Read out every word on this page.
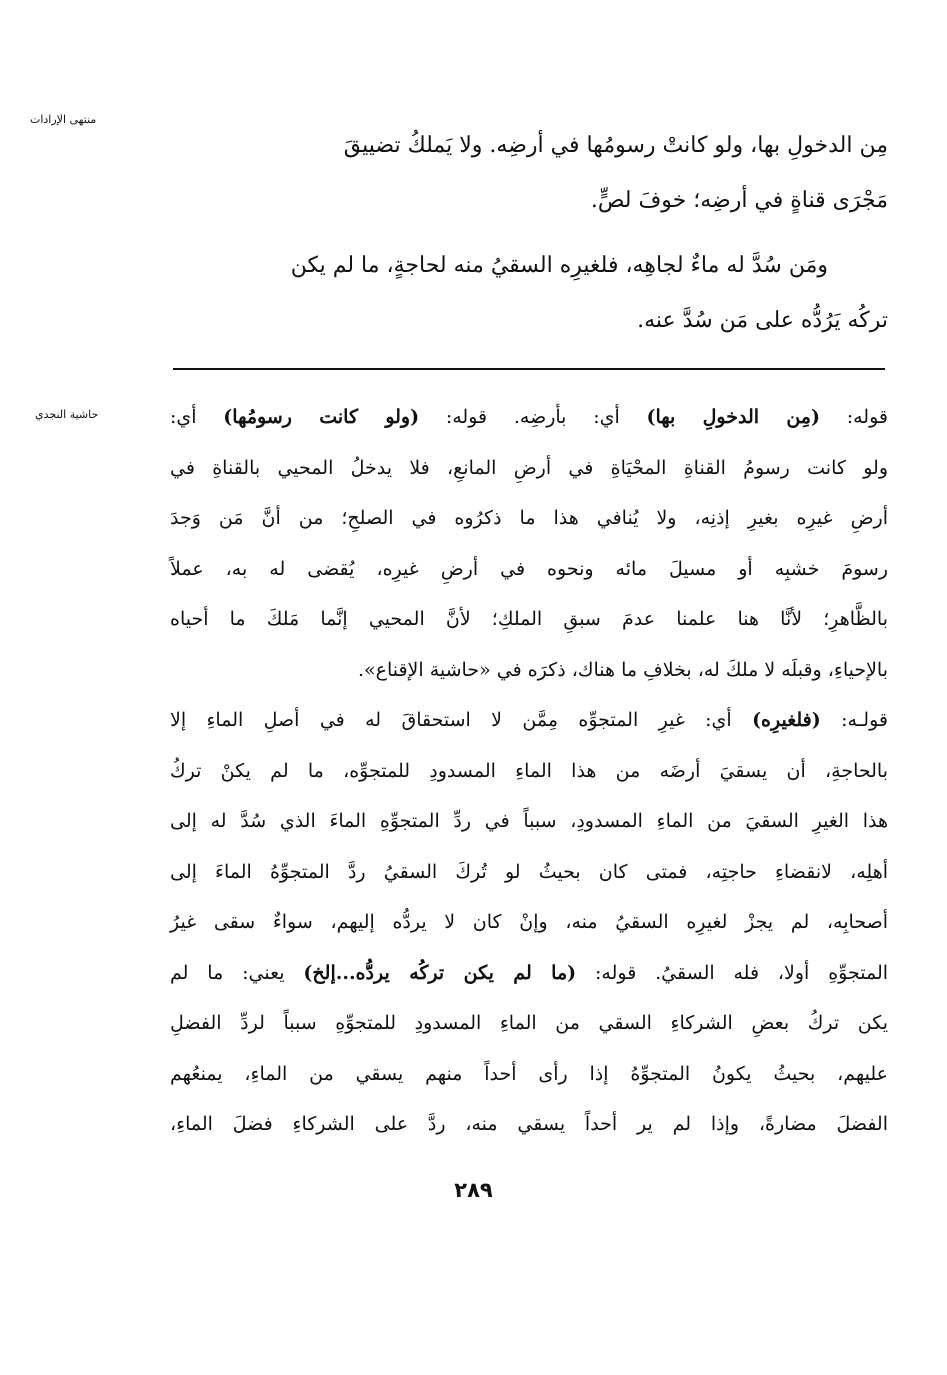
منتهى الإرادات
حاشية النجدي

مِن الدخولِ بها، ولو كانتْ رسومُها في أرضِه. ولا يَملكُ تضييقَ

مَجْرَى قناةٍ في أرضِه؛ خوفَ لصٍّ.

ومَن سُدَّ له ماءٌ لجاهِه، فلغيرِه السقيُ منه لحاجةٍ، ما لم يكن

تركُه يَرُدُّه على مَن سُدَّ عنه.

قوله: (مِن الدخولِ بها) أي: بأرضِه. قوله: (ولو كانت رسومُها) أي:
ولو كانت رسومُ القناةِ المحْيَاةِ في أرضِ المانعِ، فلا يدخلُ المحيي بالقناةِ في
أرضِ غيرِه بغيرِ إذنِه، ولا يُنافي هذا ما ذكرُوه في الصلحِ؛ من أنَّ مَن وَجدَ
رسومَ خشبِه أو مسيلَ مائه ونحوه في أرضِ غيرِه، يُقضى له به، عملاً
بالظَّاهرِ؛ لأنَّا هنا علمنا عدمَ سبقِ الملكِ؛ لأنَّ المحيي إنَّما مَلكَ ما أحياه
بالإحياءِ، وقبلَه لا ملكَ له، بخلافِ ما هناك، ذكرَه في «حاشية الإقناع».
قولـه: (فلغيرِه) أي: غيرِ المتجوِّه مِمَّن لا استحقاقَ له في أصلِ الماءِ إلا
بالحاجةِ، أن يسقيَ أرضَه من هذا الماءِ المسدودِ للمتجوِّه، ما لم يكنْ تركُ
هذا الغيرِ السقيَ من الماءِ المسدودِ، سبباً في ردِّ المتجوِّهِ الماءَ الذي سُدَّ له إلى
أهلِه، لانقضاءِ حاجتِه، فمتى كان بحيثُ لو تُركَ السقيُ ردَّ المتجوِّهُ الماءَ إلى
أصحابِه، لم يجزْ لغيرِه السقيُ منه، وإنْ كان لا يردُّه إليهم، سواءٌ سقى غيرُ
المتجوِّهِ أولا، فله السقيُ. قوله: (ما لم يكن تركُه يردُّه...إلخ) يعني: ما لم
يكن تركُ بعضِ الشركاءِ السقي من الماءِ المسدودِ للمتجوِّهِ سبباً لردِّ الفضلِ
عليهم، بحيثُ يكونُ المتجوِّهُ إذا رأى أحداً منهم يسقي من الماءِ، يمنعُهم
الفضلَ مضارةً، وإذا لم ير أحداً يسقي منه، ردَّ على الشركاءِ فضلَ الماءِ،
٢٨٩
